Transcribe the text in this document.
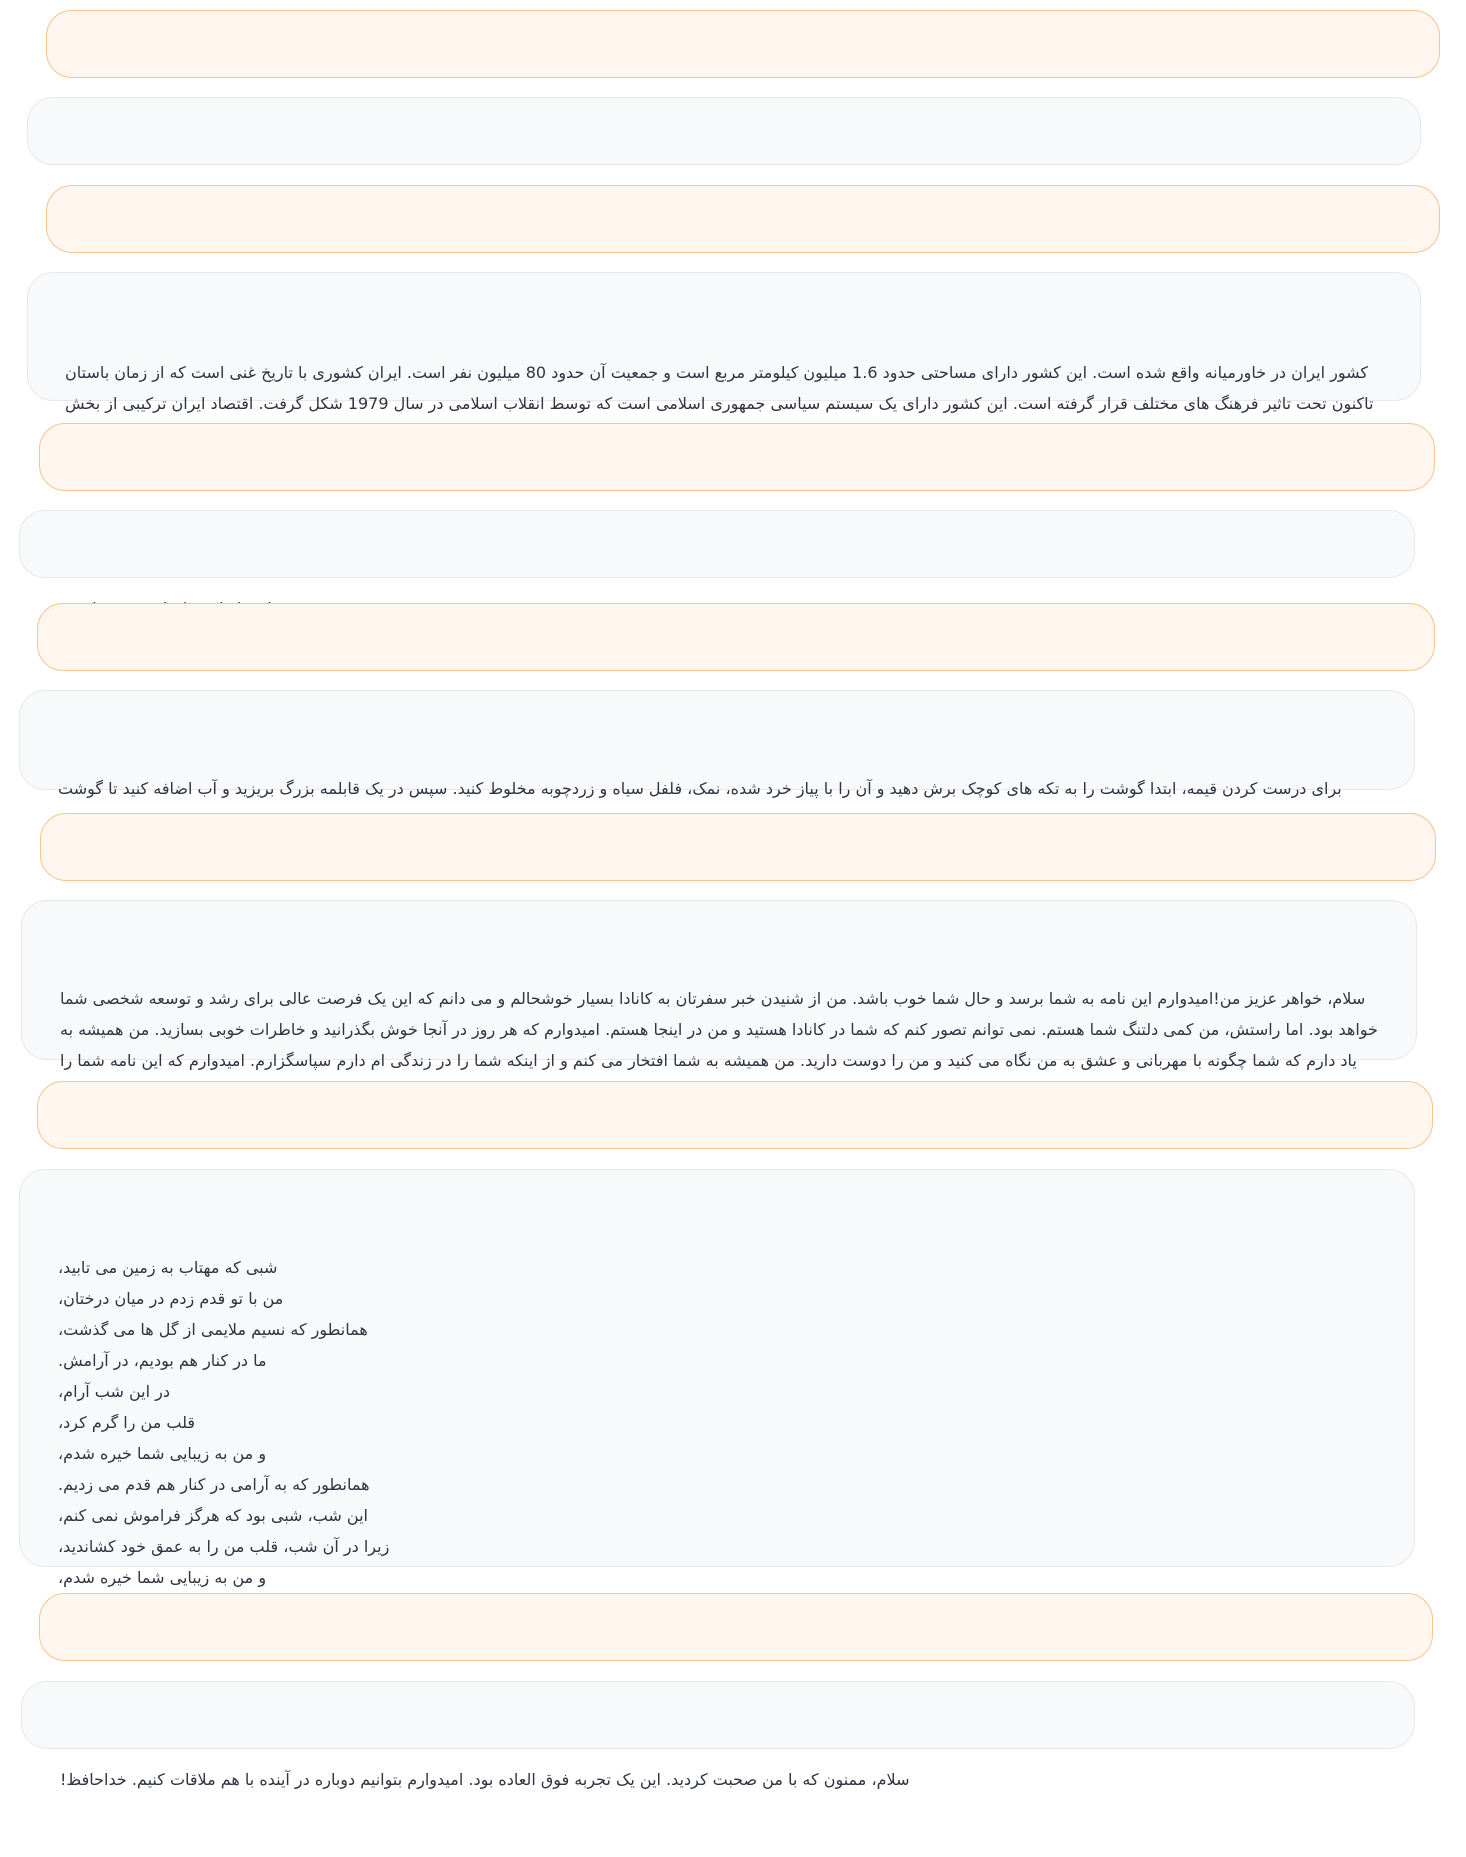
کشور ایران در خاورمیانه واقع شده است. این کشور دارای مساحتی حدود 1.6 میلیون کیلومتر مربع است و جمعیت آن حدود 80 میلیون نفر است. ایران کشوری با تاریخ غنی است که از زمان باستان تاکنون تحت تاثیر فرهنگ های مختلف قرار گرفته است. این کشور دارای یک سیستم سیاسی جمهوری اسلامی است که توسط انقلاب اسلامی در سال 1979 شکل گرفت. اقتصاد ایران ترکیبی از بخش

برای درست کردن قیمه، ابتدا گوشت را به تکه های کوچک برش دهید و آن را با پیاز خرد شده، نمک، فلفل سیاه و زردچوبه مخلوط کنید. سپس در یک قابلمه بزرگ بریزید و آب اضافه کنید تا گوشت

سلام، خواهر عزیز من!امیدوارم این نامه به شما برسد و حال شما خوب باشد. من از شنیدن خبر سفرتان به کانادا بسیار خوشحالم و می دانم که این یک فرصت عالی برای رشد و توسعه شخصی شما خواهد بود. اما راستش، من کمی دلتنگ شما هستم. نمی توانم تصور کنم که شما در کانادا هستید و من در اینجا هستم. امیدوارم که هر روز در آنجا خوش بگذرانید و خاطرات خوبی بسازید. من همیشه به یاد دارم که شما چگونه با مهربانی و عشق به من نگاه می کنید و من را دوست دارید. من همیشه به شما افتخار می کنم و از اینکه شما را در زندگی ام دارم سپاسگزارم. امیدوارم که این نامه شما را

،شبی که مهتاب به زمین می تابید
،من با تو قدم زدم در میان درختان
،همانطور که نسیم ملایمی از گل ها می گذشت
.ما در کنار هم بودیم، در آرامش
،در این شب آرام
،قلب من را گرم کرد
،و من به زیبایی شما خیره شدم
.همانطور که به آرامی در کنار هم قدم می زدیم
،این شب، شبی بود که هرگز فراموش نمی کنم
،زیرا در آن شب، قلب من را به عمق خود کشاندید
،و من به زیبایی شما خیره شدم

!سلام، ممنون که با من صحبت کردید. این یک تجربه فوق العاده بود. امیدوارم بتوانیم دوباره در آینده با هم ملاقات کنیم. خداحافظ
